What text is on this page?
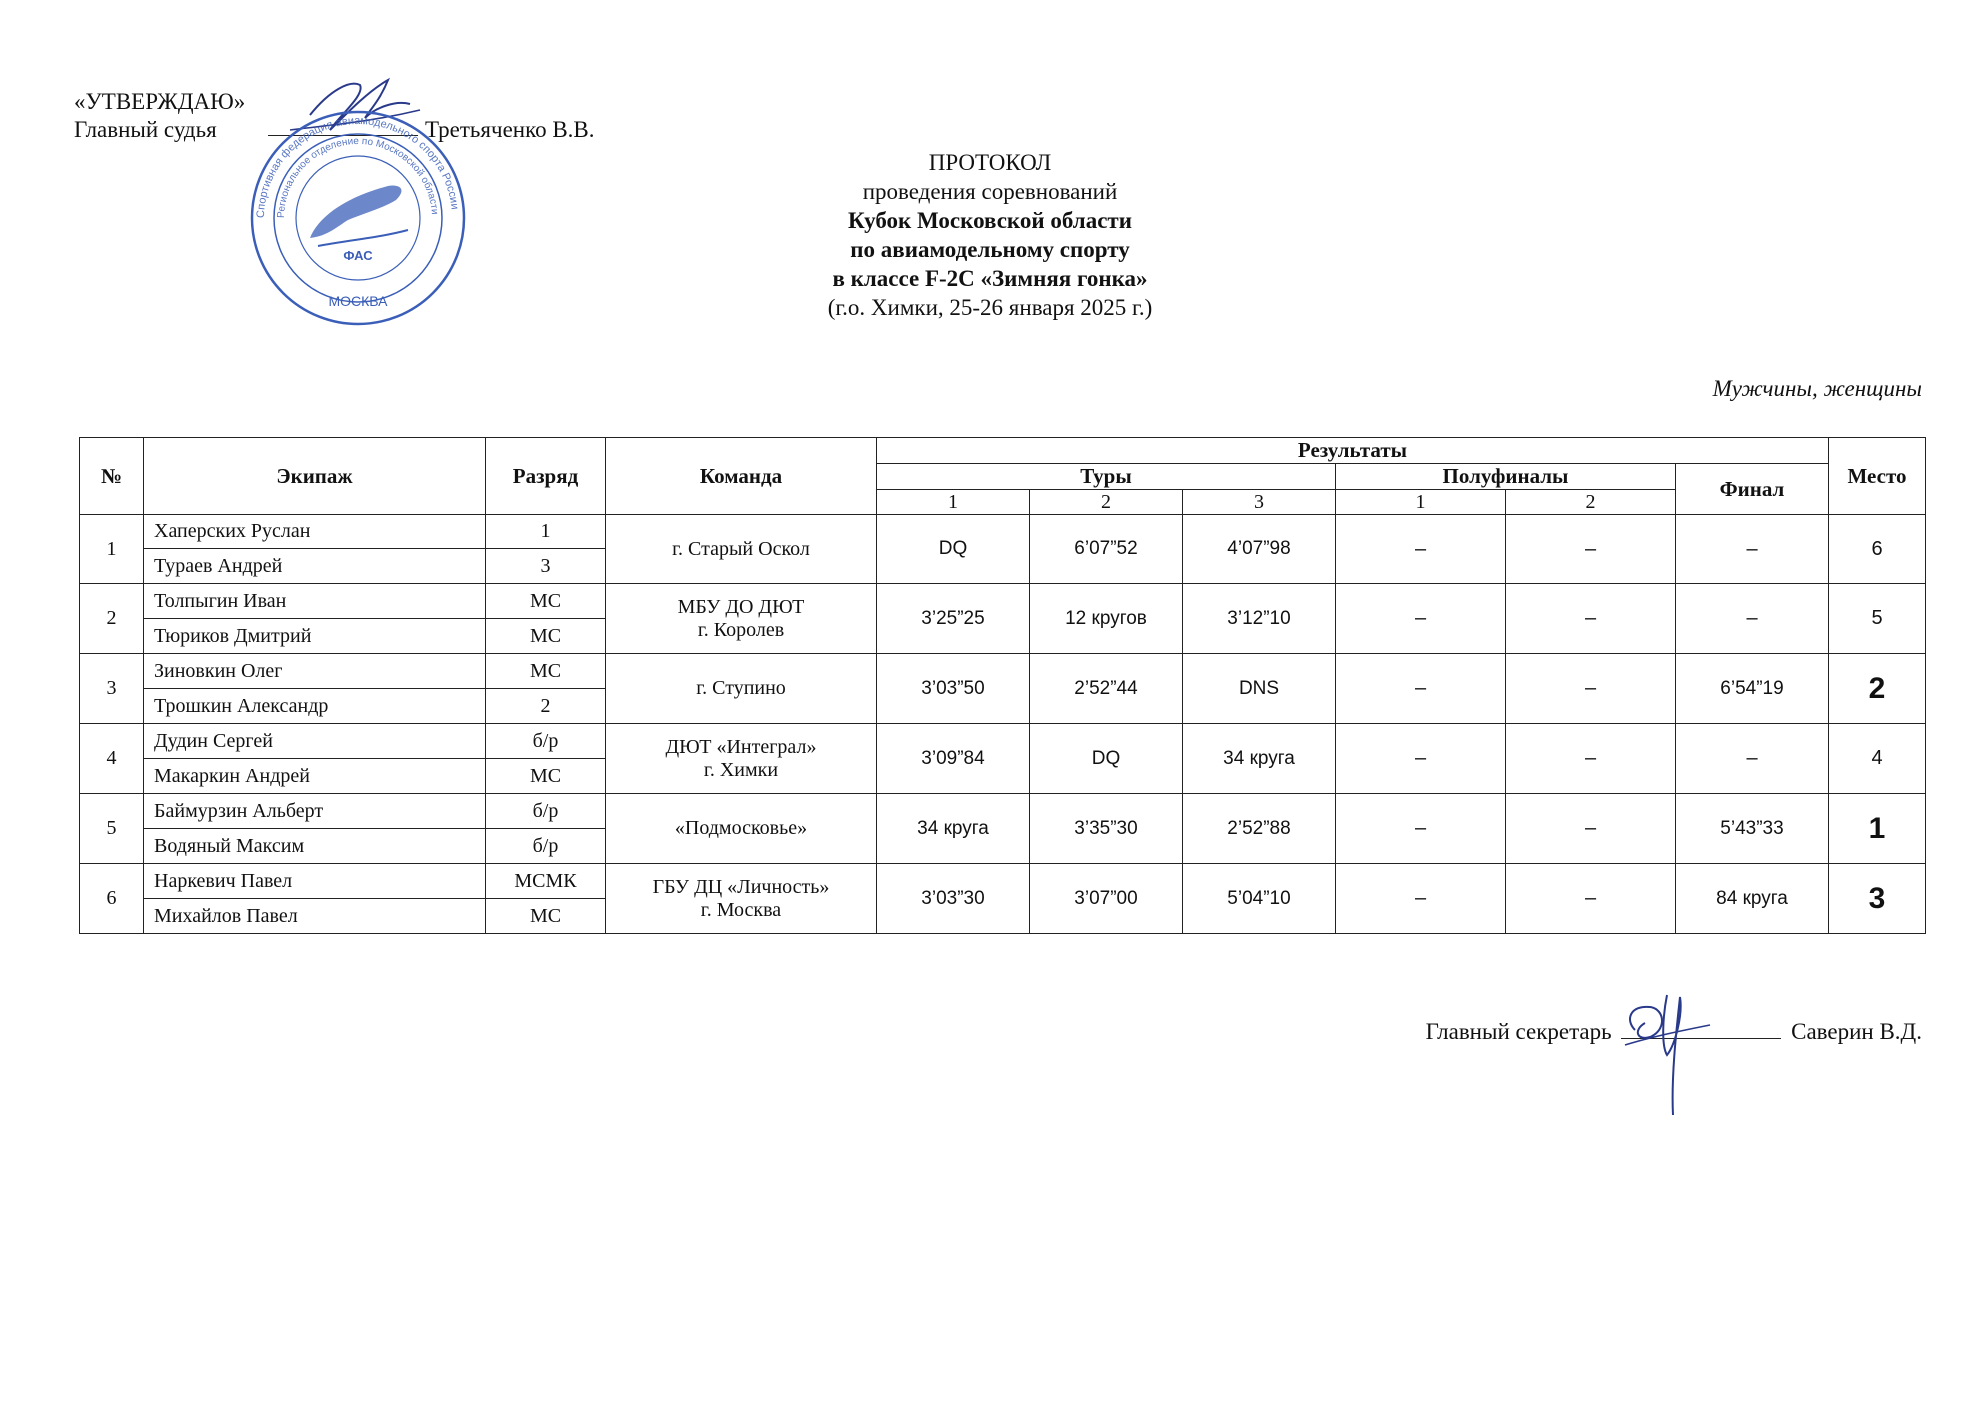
«УТВЕРЖДАЮ»
Главный судья	Третьяченко В.В.
Спортивная федерация авиамодельного спорта России
Региональное отделение по Московской области
ФАС
МОСКВА
ПРОТОКОЛ
проведения соревнований
Кубок Московской области
по авиамодельному спорту
в классе F-2C «Зимняя гонка»
(г.о. Химки, 25-26 января 2025 г.)
Мужчины, женщины
№	Экипаж	Разряд	Команда	Результаты						Место
				Туры			Полуфиналы		Финал	
				1	2	3	1	2		
1	Хаперских Руслан	1	г. Старый Оскол	DQ	6’07”52	4’07”98	–	–	–	6
	Тураев Андрей	3								
2	Толпыгин Иван	МС	МБУ ДО ДЮТ
г. Королев	3’25”25	12 кругов	3’12”10	–	–	–	5
	Тюриков Дмитрий	МС								
3	Зиновкин Олег	МС	г. Ступино	3’03”50	2’52”44	DNS	–	–	6’54”19	2
	Трошкин Александр	2								
4	Дудин Сергей	б/р	ДЮТ «Интеграл»
г. Химки	3’09”84	DQ	34 круга	–	–	–	4
	Макаркин Андрей	МС								
5	Баймурзин Альберт	б/р	«Подмосковье»	34 круга	3’35”30	2’52”88	–	–	5’43”33	1
	Водяный Максим	б/р								
6	Наркевич Павел	МСМК	ГБУ ДЦ «Личность»
г. Москва	3’03”30	3’07”00	5’04”10	–	–	84 круга	3
	Михайлов Павел	МС								
Главный секретарь	Саверин В.Д.
